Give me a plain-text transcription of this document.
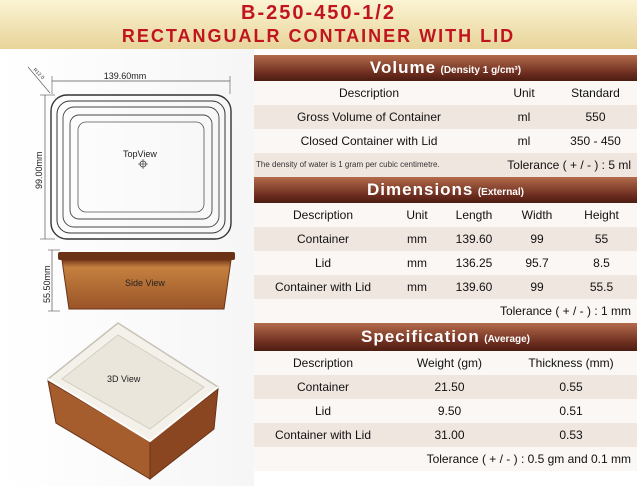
B-250-450-1/2
RECTANGUALR CONTAINER WITH LID
139.60mm
R12.0
99.00mm	TopView
55.50mm	Side View
3D View
Volume (Density 1 g/cm³)
Description	Unit	Standard
Gross Volume of Container	ml	550
Closed Container with Lid	ml	350 - 450
The density of water is 1 gram per cubic centimetre.	Tolerance ( + / - ) : 5 ml
Dimensions (External)
Description	Unit	Length	Width	Height
Container	mm	139.60	99	55
Lid	mm	136.25	95.7	8.5
Container with Lid	mm	139.60	99	55.5
Tolerance ( + / - ) : 1 mm
Specification (Average)
Description	Weight (gm)	Thickness (mm)
Container	21.50	0.55
Lid	9.50	0.51
Container with Lid	31.00	0.53
Tolerance ( + / - ) : 0.5 gm and 0.1 mm
